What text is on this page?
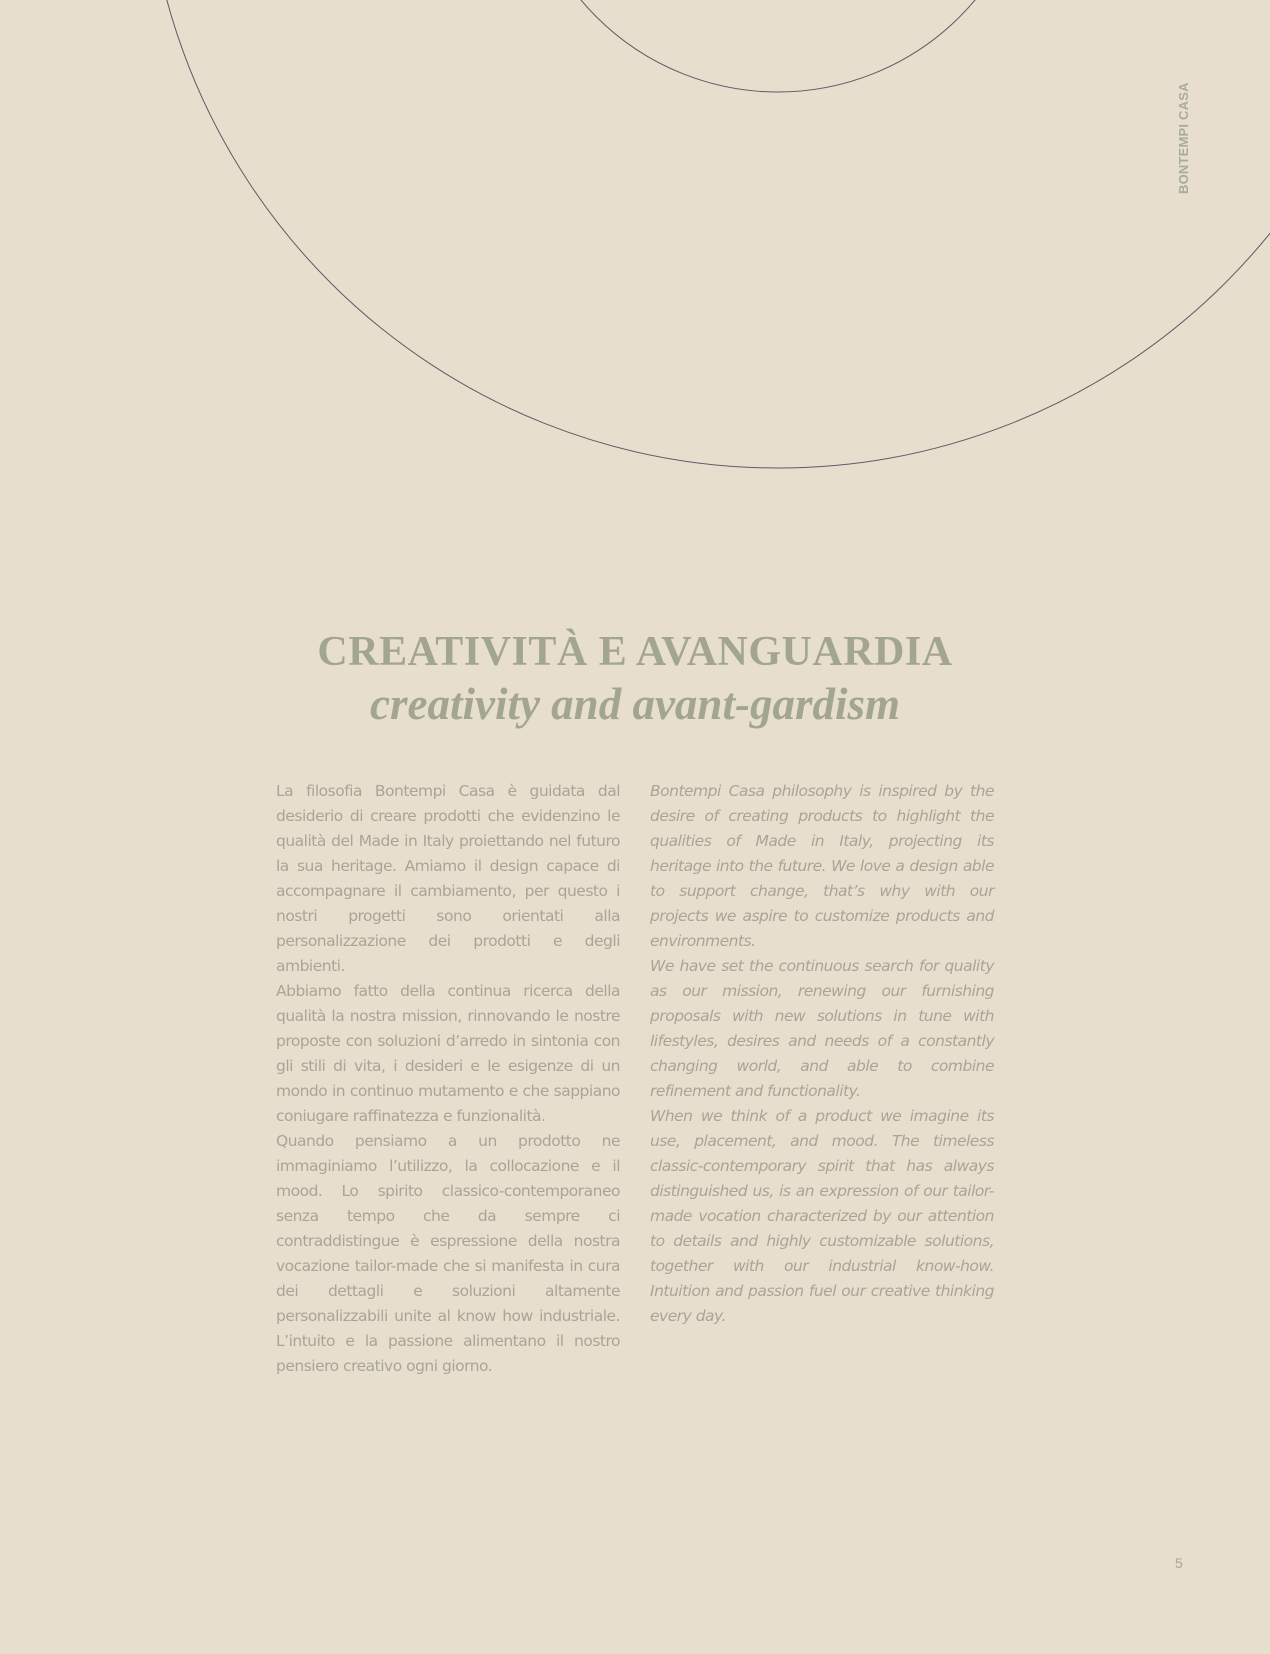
BONTEMPI CASA
CREATIVITÀ E AVANGUARDIA
creativity and avant-gardism

La filosofia Bontempi Casa è guidata dal desiderio di creare prodotti che evidenzino le qualità del Made in Italy proiettando nel futuro la sua heritage. Amiamo il design capace di accompagnare il cambiamento, per questo i nostri progetti sono orientati alla personalizzazione dei prodotti e degli ambienti.

Abbiamo fatto della continua ricerca della qualità la nostra mission, rinnovando le nostre proposte con soluzioni d’arredo in sintonia con gli stili di vita, i desideri e le esigenze di un mondo in continuo mutamento e che sappiano coniugare raffinatezza e funzionalità.

Quando pensiamo a un prodotto ne immaginiamo l’utilizzo, la collocazione e il mood. Lo spirito classico-contemporaneo senza tempo che da sempre ci contraddistingue è espressione della nostra vocazione tailor-made che si manifesta in cura dei dettagli e soluzioni altamente personalizzabili unite al know how industriale. L’intuito e la passione alimentano il nostro pensiero creativo ogni giorno.

Bontempi Casa philosophy is inspired by the desire of creating products to highlight the qualities of Made in Italy, projecting its heritage into the future. We love a design able to support change, that’s why with our projects we aspire to customize products and environments.

We have set the continuous search for quality as our mission, renewing our furnishing proposals with new solutions in tune with lifestyles, desires and needs of a constantly changing world, and able to combine refinement and functionality.

When we think of a product we imagine its use, placement, and mood. The timeless classic-contemporary spirit that has always distinguished us, is an expression of our tailor-made vocation characterized by our attention to details and highly customizable solutions, together with our industrial know-how. Intuition and passion fuel our creative thinking every day.

5
